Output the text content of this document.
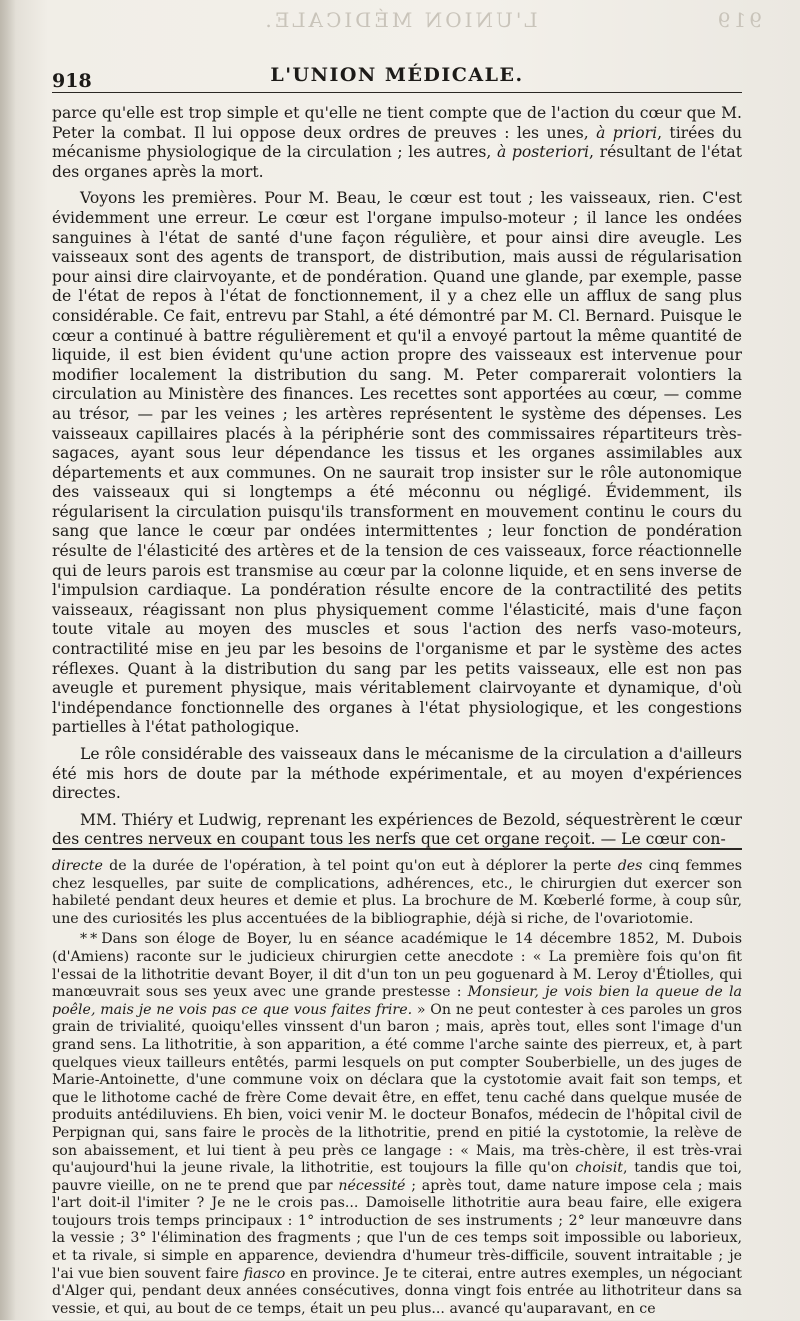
L'UNION MÉDICALE.	919
918	L'UNION MÉDICALE.

parce qu'elle est trop simple et qu'elle ne tient compte que de l'action du cœur que M. Peter la combat. Il lui oppose deux ordres de preuves : les unes, à priori, tirées du mécanisme physiologique de la circulation ; les autres, à posteriori, résultant de l'état des organes après la mort.

Voyons les premières. Pour M. Beau, le cœur est tout ; les vaisseaux, rien. C'est évidemment une erreur. Le cœur est l'organe impulso-moteur ; il lance les ondées sanguines à l'état de santé d'une façon régulière, et pour ainsi dire aveugle. Les vaisseaux sont des agents de transport, de distribution, mais aussi de régularisation pour ainsi dire clairvoyante, et de pondération. Quand une glande, par exemple, passe de l'état de repos à l'état de fonctionnement, il y a chez elle un afflux de sang plus considérable. Ce fait, entrevu par Stahl, a été démontré par M. Cl. Bernard. Puisque le cœur a continué à battre régulièrement et qu'il a envoyé partout la même quantité de liquide, il est bien évident qu'une action propre des vaisseaux est intervenue pour modifier localement la distribution du sang. M. Peter comparerait volontiers la circulation au Ministère des finances. Les recettes sont apportées au cœur, — comme au trésor, — par les veines ; les artères représentent le système des dépenses. Les vaisseaux capillaires placés à la périphérie sont des commissaires répartiteurs très-sagaces, ayant sous leur dépendance les tissus et les organes assimilables aux départements et aux communes. On ne saurait trop insister sur le rôle autonomique des vaisseaux qui si longtemps a été méconnu ou négligé. Évidemment, ils régularisent la circulation puisqu'ils transforment en mouvement continu le cours du sang que lance le cœur par ondées intermittentes ; leur fonction de pondération résulte de l'élasticité des artères et de la tension de ces vaisseaux, force réactionnelle qui de leurs parois est transmise au cœur par la colonne liquide, et en sens inverse de l'impulsion cardiaque. La pondération résulte encore de la contractilité des petits vaisseaux, réagissant non plus physiquement comme l'élasticité, mais d'une façon toute vitale au moyen des muscles et sous l'action des nerfs vaso-moteurs, contractilité mise en jeu par les besoins de l'organisme et par le système des actes réflexes. Quant à la distribution du sang par les petits vaisseaux, elle est non pas aveugle et purement physique, mais véritablement clairvoyante et dynamique, d'où l'indépendance fonctionnelle des organes à l'état physiologique, et les congestions partielles à l'état pathologique.

Le rôle considérable des vaisseaux dans le mécanisme de la circulation a d'ailleurs été mis hors de doute par la méthode expérimentale, et au moyen d'expériences directes.

MM. Thiéry et Ludwig, reprenant les expériences de Bezold, séquestrèrent le cœur des centres nerveux en coupant tous les nerfs que cet organe reçoit. — Le cœur con-

directe de la durée de l'opération, à tel point qu'on eut à déplorer la perte des cinq femmes chez lesquelles, par suite de complications, adhérences, etc., le chirurgien dut exercer son habileté pendant deux heures et demie et plus. La brochure de M. Kœberlé forme, à coup sûr, une des curiosités les plus accentuées de la bibliographie, déjà si riche, de l'ovariotomie.

* * Dans son éloge de Boyer, lu en séance académique le 14 décembre 1852, M. Dubois (d'Amiens) raconte sur le judicieux chirurgien cette anecdote : « La première fois qu'on fit l'essai de la lithotritie devant Boyer, il dit d'un ton un peu goguenard à M. Leroy d'Étiolles, qui manœuvrait sous ses yeux avec une grande prestesse : Monsieur, je vois bien la queue de la poêle, mais je ne vois pas ce que vous faites frire. » On ne peut contester à ces paroles un gros grain de trivialité, quoiqu'elles vinssent d'un baron ; mais, après tout, elles sont l'image d'un grand sens. La lithotritie, à son apparition, a été comme l'arche sainte des pierreux, et, à part quelques vieux tailleurs entêtés, parmi lesquels on put compter Souberbielle, un des juges de Marie-Antoinette, d'une commune voix on déclara que la cystotomie avait fait son temps, et que le lithotome caché de frère Come devait être, en effet, tenu caché dans quelque musée de produits antédiluviens. Eh bien, voici venir M. le docteur Bonafos, médecin de l'hôpital civil de Perpignan qui, sans faire le procès de la lithotritie, prend en pitié la cystotomie, la relève de son abaissement, et lui tient à peu près ce langage : « Mais, ma très-chère, il est très-vrai qu'aujourd'hui la jeune rivale, la lithotritie, est toujours la fille qu'on choisit, tandis que toi, pauvre vieille, on ne te prend que par nécessité ; après tout, dame nature impose cela ; mais l'art doit-il l'imiter ? Je ne le crois pas... Damoiselle lithotritie aura beau faire, elle exigera toujours trois temps principaux : 1° introduction de ses instruments ; 2° leur manœuvre dans la vessie ; 3° l'élimination des fragments ; que l'un de ces temps soit impossible ou laborieux, et ta rivale, si simple en apparence, deviendra d'humeur très-difficile, souvent intraitable ; je l'ai vue bien souvent faire fiasco en province. Je te citerai, entre autres exemples, un négociant d'Alger qui, pendant deux années consécutives, donna vingt fois entrée au lithotriteur dans sa vessie, et qui, au bout de ce temps, était un peu plus... avancé qu'auparavant, en ce
